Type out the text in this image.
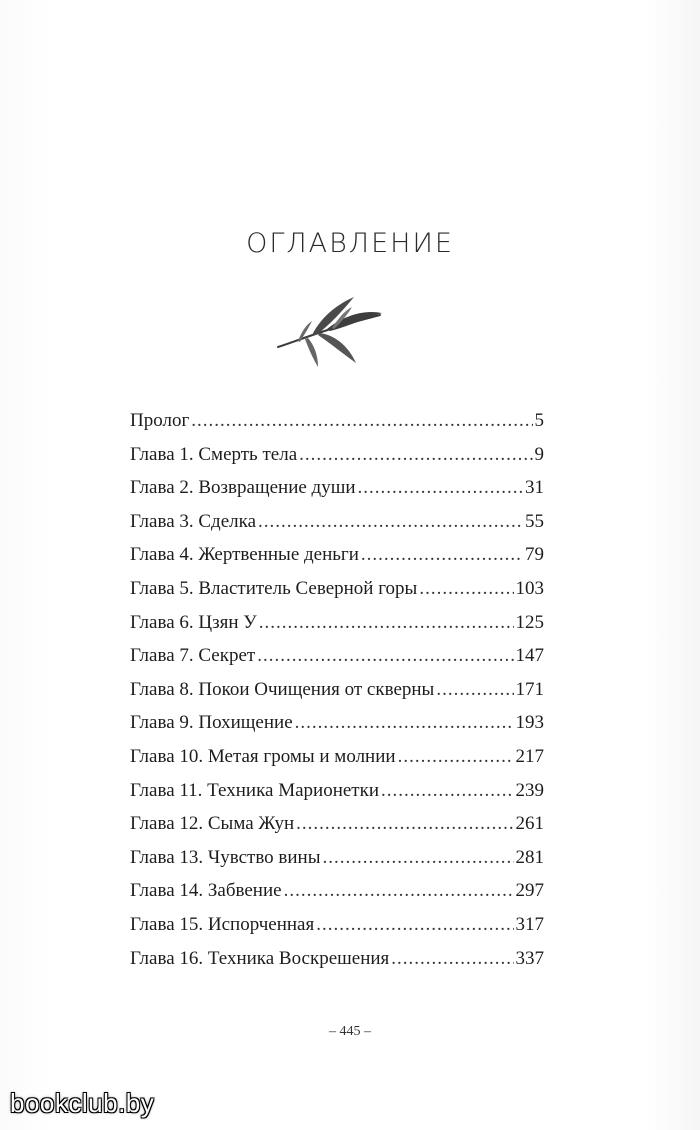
ОГЛАВЛЕНИЕ
Пролог .....	5
Глава 1. Смерть тела .....	9
Глава 2. Возвращение души .....	31
Глава 3. Сделка .....	55
Глава 4. Жертвенные деньги .....	79
Глава 5. Властитель Северной горы .....	103
Глава 6. Цзян У .....	125
Глава 7. Секрет .....	147
Глава 8. Покои Очищения от скверны .....	171
Глава 9. Похищение .....	193
Глава 10. Метая громы и молнии .....	217
Глава 11. Техника Марионетки .....	239
Глава 12. Сыма Жун .....	261
Глава 13. Чувство вины .....	281
Глава 14. Забвение .....	297
Глава 15. Испорченная .....	317
Глава 16. Техника Воскрешения .....	337
– 445 –
bookclub.by
